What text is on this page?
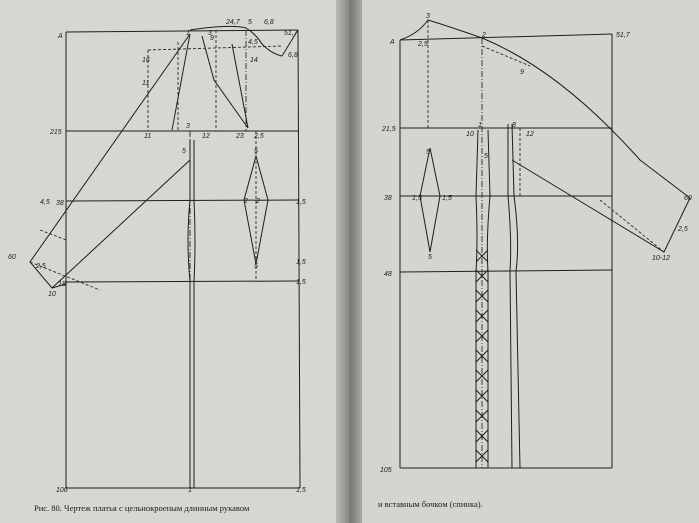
А	1	3
24,7 5 6,8
51,7
9
4,5
6,8
16
11
14
215
11	12
3
23 2,5
5	5
38
4,5	2 2	1,5
1,5
1,5
60
2,5
10
18
5
106	1	1,5
А
3
2,5
2	51,7
9
21,5
1	8
10	12
5
5
38	1,5	1,5
5
48
60
2,5
10-12
105
Рис. 80. Чертеж платья с цельнокроеным длинным рукавом	и вставным бочком (спинка).
